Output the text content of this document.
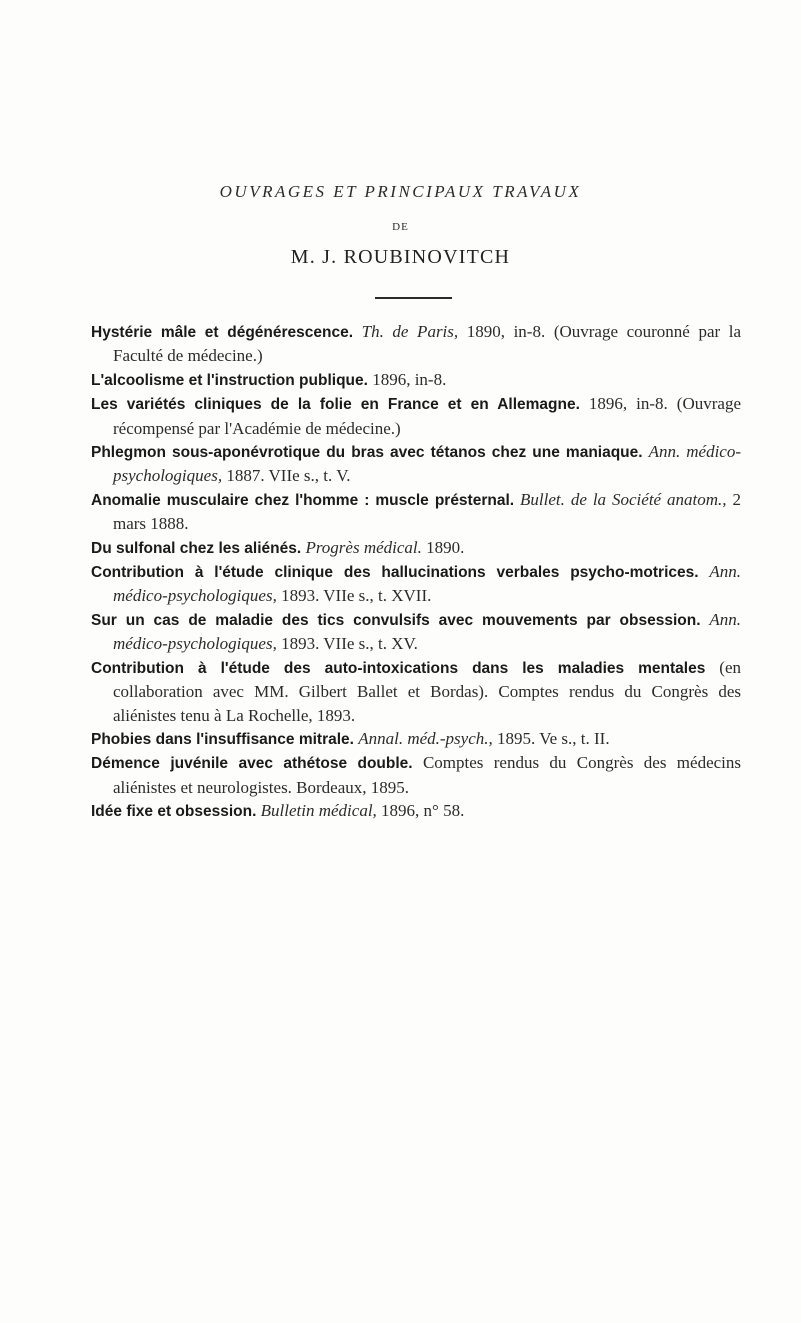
OUVRAGES ET PRINCIPAUX TRAVAUX
DE
M. J. ROUBINOVITCH

Hystérie mâle et dégénérescence. Th. de Paris, 1890, in-8. (Ouvrage couronné par la Faculté de médecine.)

L'alcoolisme et l'instruction publique. 1896, in-8.

Les variétés cliniques de la folie en France et en Allemagne. 1896, in-8. (Ouvrage récompensé par l'Académie de médecine.)

Phlegmon sous-aponévrotique du bras avec tétanos chez une maniaque. Ann. médico-psychologiques, 1887. VIIe s., t. V.

Anomalie musculaire chez l'homme : muscle présternal. Bullet. de la Société anatom., 2 mars 1888.

Du sulfonal chez les aliénés. Progrès médical. 1890.

Contribution à l'étude clinique des hallucinations verbales psycho-motrices. Ann. médico-psychologiques, 1893. VIIe s., t. XVII.

Sur un cas de maladie des tics convulsifs avec mouvements par obsession. Ann. médico-psychologiques, 1893. VIIe s., t. XV.

Contribution à l'étude des auto-intoxications dans les maladies mentales (en collaboration avec MM. Gilbert Ballet et Bordas). Comptes rendus du Congrès des aliénistes tenu à La Rochelle, 1893.

Phobies dans l'insuffisance mitrale. Annal. méd.-psych., 1895. Ve s., t. II.

Démence juvénile avec athétose double. Comptes rendus du Congrès des médecins aliénistes et neurologistes. Bordeaux, 1895.

Idée fixe et obsession. Bulletin médical, 1896, n° 58.
